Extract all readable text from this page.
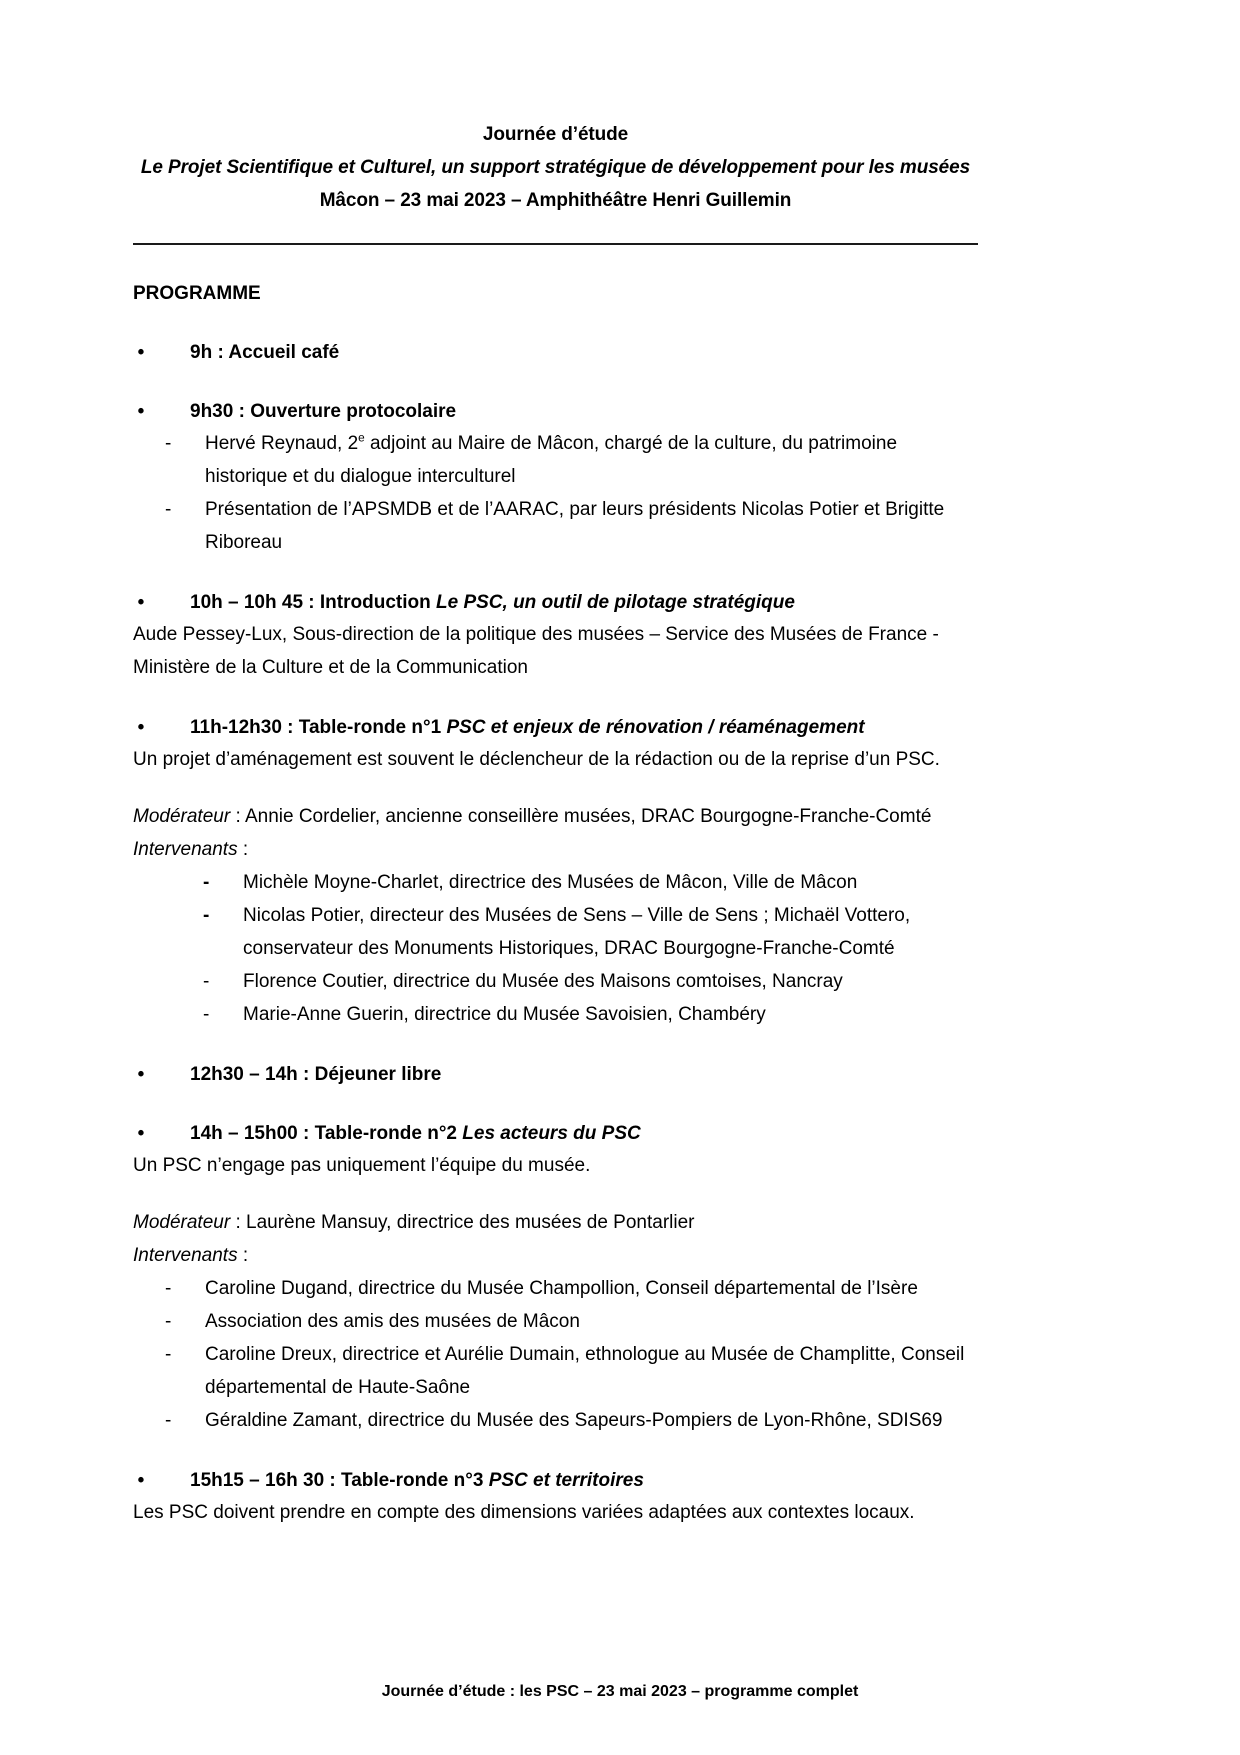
Journée d’étude
Le Projet Scientifique et Culturel, un support stratégique de développement pour les musées
Mâcon – 23 mai 2023 – Amphithéâtre Henri Guillemin
PROGRAMME
• 9h : Accueil café
• 9h30 : Ouverture protocolaire
-	Hervé Reynaud, 2e adjoint au Maire de Mâcon, chargé de la culture, du patrimoine historique et du dialogue interculturel
-	Présentation de l’APSMDB et de l’AARAC, par leurs présidents Nicolas Potier et Brigitte Riboreau
• 10h – 10h 45 : Introduction Le PSC, un outil de pilotage stratégique
Aude Pessey-Lux, Sous-direction de la politique des musées – Service des Musées de France - Ministère de la Culture et de la Communication
• 11h-12h30 : Table-ronde n°1 PSC et enjeux de rénovation / réaménagement
Un projet d’aménagement est souvent le déclencheur de la rédaction ou de la reprise d’un PSC.
Modérateur : Annie Cordelier, ancienne conseillère musées, DRAC Bourgogne-Franche-Comté
Intervenants :
-	Michèle Moyne-Charlet, directrice des Musées de Mâcon, Ville de Mâcon
-	Nicolas Potier, directeur des Musées de Sens – Ville de Sens ; Michaël Vottero, conservateur des Monuments Historiques, DRAC Bourgogne-Franche-Comté
-	Florence Coutier, directrice du Musée des Maisons comtoises, Nancray
-	Marie-Anne Guerin, directrice du Musée Savoisien, Chambéry
• 12h30 – 14h : Déjeuner libre
• 14h – 15h00 : Table-ronde n°2 Les acteurs du PSC
Un PSC n’engage pas uniquement l’équipe du musée.
Modérateur : Laurène Mansuy, directrice des musées de Pontarlier
Intervenants :
-	Caroline Dugand, directrice du Musée Champollion, Conseil départemental de l’Isère
-	Association des amis des musées de Mâcon
-	Caroline Dreux, directrice et Aurélie Dumain, ethnologue au Musée de Champlitte, Conseil départemental de Haute-Saône
-	Géraldine Zamant, directrice du Musée des Sapeurs-Pompiers de Lyon-Rhône, SDIS69
• 15h15 – 16h 30 : Table-ronde n°3 PSC et territoires
Les PSC doivent prendre en compte des dimensions variées adaptées aux contextes locaux.
Journée d’étude : les PSC – 23 mai 2023 – programme complet
